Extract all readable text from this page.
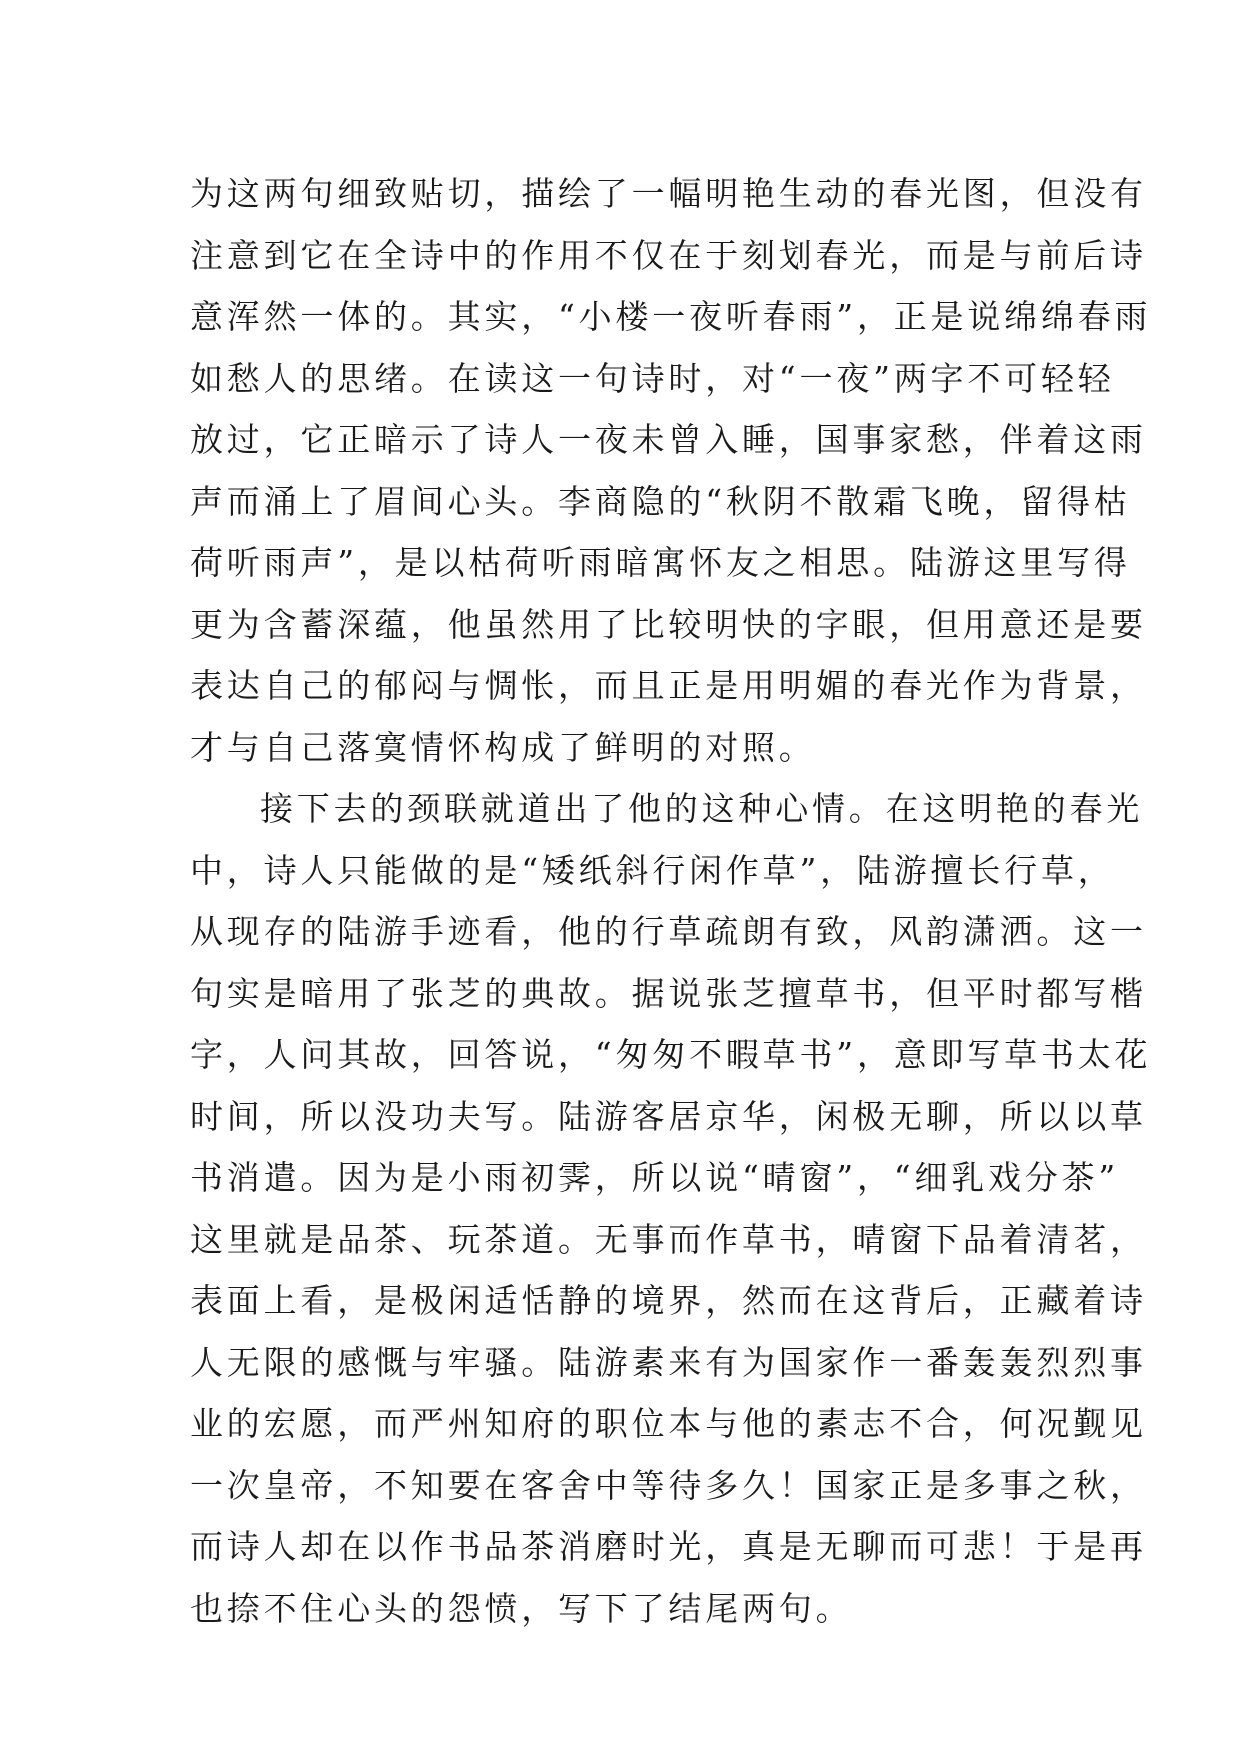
为这两句细致贴切，描绘了一幅明艳生动的春光图，但没有
注意到它在全诗中的作用不仅在于刻划春光，而是与前后诗
意浑然一体的。其实，“小楼一夜听春雨”，正是说绵绵春雨
如愁人的思绪。在读这一句诗时，对“一夜”两字不可轻轻
放过，它正暗示了诗人一夜未曾入睡，国事家愁，伴着这雨
声而涌上了眉间心头。李商隐的“秋阴不散霜飞晚，留得枯
荷听雨声”，是以枯荷听雨暗寓怀友之相思。陆游这里写得
更为含蓄深蕴，他虽然用了比较明快的字眼，但用意还是要
表达自己的郁闷与惆怅，而且正是用明媚的春光作为背景，
才与自己落寞情怀构成了鲜明的对照。
接下去的颈联就道出了他的这种心情。在这明艳的春光
中，诗人只能做的是“矮纸斜行闲作草”，陆游擅长行草，
从现存的陆游手迹看，他的行草疏朗有致，风韵潇洒。这一
句实是暗用了张芝的典故。据说张芝擅草书，但平时都写楷
字，人问其故，回答说，“匆匆不暇草书”，意即写草书太花
时间，所以没功夫写。陆游客居京华，闲极无聊，所以以草
书消遣。因为是小雨初霁，所以说“晴窗”，“细乳戏分茶”
这里就是品茶、玩茶道。无事而作草书，晴窗下品着清茗，
表面上看，是极闲适恬静的境界，然而在这背后，正藏着诗
人无限的感慨与牢骚。陆游素来有为国家作一番轰轰烈烈事
业的宏愿，而严州知府的职位本与他的素志不合，何况觐见
一次皇帝，不知要在客舍中等待多久！国家正是多事之秋，
而诗人却在以作书品茶消磨时光，真是无聊而可悲！于是再
也捺不住心头的怨愤，写下了结尾两句。
